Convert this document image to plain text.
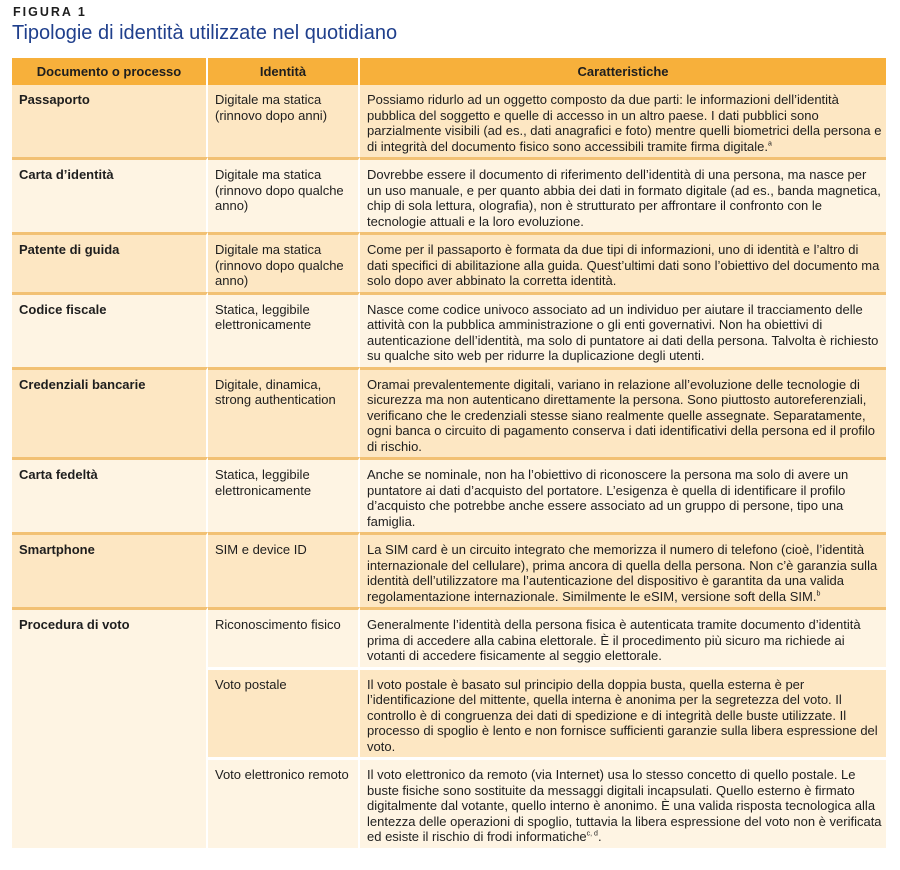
FIGURA 1
Tipologie di identità utilizzate nel quotidiano
Documento o processo	Identità	Caratteristiche
Passaporto	Digitale ma statica (rinnovo dopo anni)	Possiamo ridurlo ad un oggetto composto da due parti: le informazioni dell’identità pubblica del soggetto e quelle di accesso in un altro paese. I dati pubblici sono parzialmente visibili (ad es., dati anagrafici e foto) mentre quelli biometrici della persona e di integrità del documento fisico sono accessibili tramite firma digitale.$^a$
Carta d’identità	Digitale ma statica (rinnovo dopo qualche anno)	Dovrebbe essere il documento di riferimento dell’identità di una persona, ma nasce per un uso manuale, e per quanto abbia dei dati in formato digitale (ad es., banda magnetica, chip di sola lettura, olografia), non è strutturato per affrontare il confronto con le tecnologie attuali e la loro evoluzione.
Patente di guida	Digitale ma statica (rinnovo dopo qualche anno)	Come per il passaporto è formata da due tipi di informazioni, uno di identità e l’altro di dati specifici di abilitazione alla guida. Quest’ultimi dati sono l’obiettivo del documento ma solo dopo aver abbinato la corretta identità.
Codice fiscale	Statica, leggibile elettronicamente	Nasce come codice univoco associato ad un individuo per aiutare il tracciamento delle attività con la pubblica amministrazione o gli enti governativi. Non ha obiettivi di autenticazione dell’identità, ma solo di puntatore ai dati della persona. Talvolta è richiesto su qualche sito web per ridurre la duplicazione degli utenti.
Credenziali bancarie	Digitale, dinamica, strong authentication	Oramai prevalentemente digitali, variano in relazione all’evoluzione delle tecnologie di sicurezza ma non autenticano direttamente la persona. Sono piuttosto autoreferenziali, verificano che le credenziali stesse siano realmente quelle assegnate. Separatamente, ogni banca o circuito di pagamento conserva i dati identificativi della persona ed il profilo di rischio.
Carta fedeltà	Statica, leggibile elettronicamente	Anche se nominale, non ha l’obiettivo di riconoscere la persona ma solo di avere un puntatore ai dati d’acquisto del portatore. L’esigenza è quella di identificare il profilo d’acquisto che potrebbe anche essere associato ad un gruppo di persone, tipo una famiglia.
Smartphone	SIM e device ID	La SIM card è un circuito integrato che memorizza il numero di telefono (cioè, l’identità internazionale del cellulare), prima ancora di quella della persona. Non c’è garanzia sulla identità dell’utilizzatore ma l’autenticazione del dispositivo è garantita da una valida regolamentazione internazionale. Similmente le eSIM, versione soft della SIM.$^b$
Procedura di voto	Riconoscimento fisico	Generalmente l’identità della persona fisica è autenticata tramite documento d’identità prima di accedere alla cabina elettorale. È il procedimento più sicuro ma richiede ai votanti di accedere fisicamente al seggio elettorale.
	Voto postale	Il voto postale è basato sul principio della doppia busta, quella esterna è per l’identificazione del mittente, quella interna è anonima per la segretezza del voto. Il controllo è di congruenza dei dati di spedizione e di integrità delle buste utilizzate. Il processo di spoglio è lento e non fornisce sufficienti garanzie sulla libera espressione del voto.
	Voto elettronico remoto	Il voto elettronico da remoto (via Internet) usa lo stesso concetto di quello postale. Le buste fisiche sono sostituite da messaggi digitali incapsulati. Quello esterno è firmato digitalmente dal votante, quello interno è anonimo. È una valida risposta tecnologica alla lentezza delle operazioni di spoglio, tuttavia la libera espressione del voto non è verificata ed esiste il rischio di frodi informatiche$^{c, d}$.
